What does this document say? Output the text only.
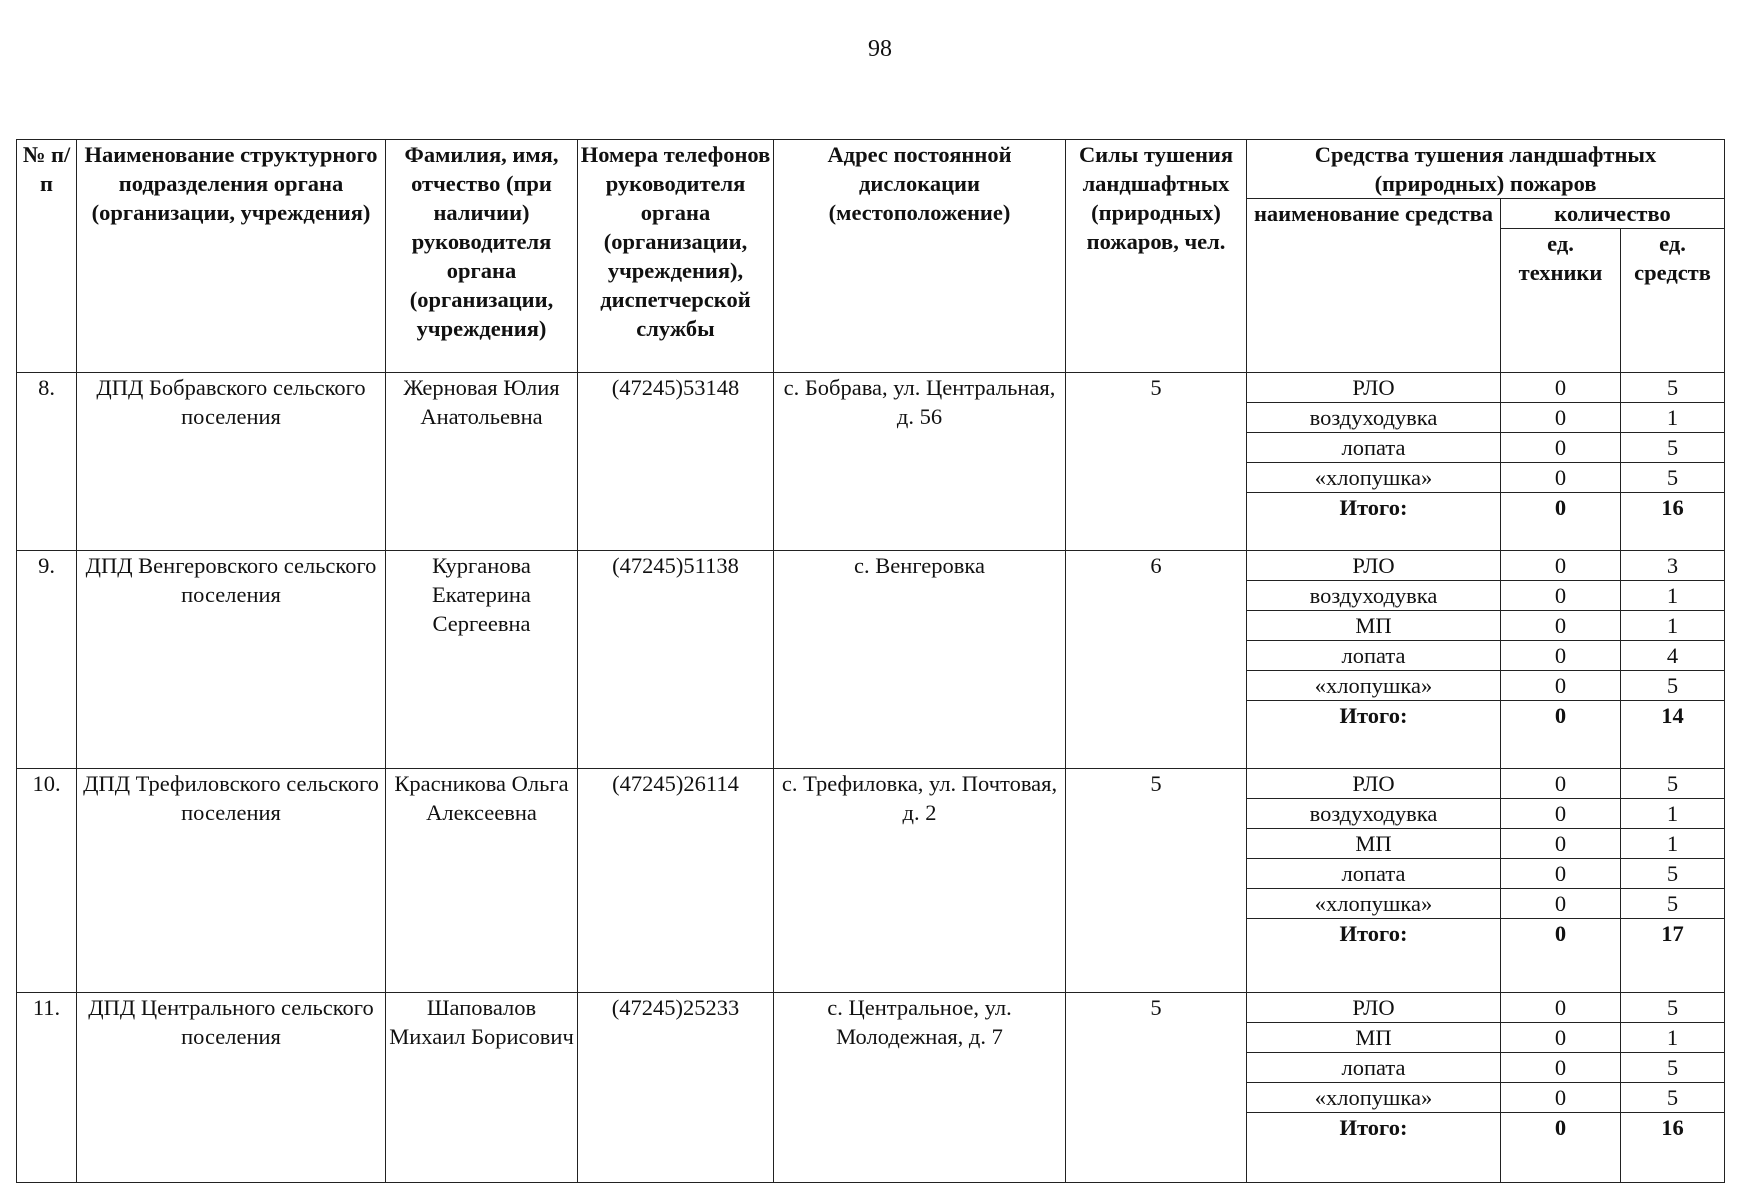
98
№ п/п	Наименование структурного подразделения органа (организации, учреждения)	Фамилия, имя, отчество (при наличии) руководителя органа (организации, учреждения)	Номера телефонов руководителя органа (организации, учреждения), диспетчерской службы	Адрес постоянной дислокации (местоположение)	Силы тушения ландшафтных (природных) пожаров, чел.	Средства тушения ландшафтных (природных) пожаров		
						наименование средства	количество	
							ед. техники	ед. средств
8.	ДПД Бобравского сельского поселения	Жерновая Юлия Анатольевна	(47245)53148	с. Бобрава, ул. Центральная, д. 56	5	РЛО	0	5
						воздуходувка	0	1
						лопата	0	5
						«хлопушка»	0	5
						Итого:	0	16
9.	ДПД Венгеровского сельского поселения	Курганова Екатерина Сергеевна	(47245)51138	с. Венгеровка	6	РЛО	0	3
						воздуходувка	0	1
						МП	0	1
						лопата	0	4
						«хлопушка»	0	5
						Итого:	0	14
10.	ДПД Трефиловского сельского поселения	Красникова Ольга Алексеевна	(47245)26114	с. Трефиловка, ул. Почтовая, д. 2	5	РЛО	0	5
						воздуходувка	0	1
						МП	0	1
						лопата	0	5
						«хлопушка»	0	5
						Итого:	0	17
11.	ДПД Центрального сельского поселения	Шаповалов Михаил Борисович	(47245)25233	с. Центральное, ул. Молодежная, д. 7	5	РЛО	0	5
						МП	0	1
						лопата	0	5
						«хлопушка»	0	5
						Итого:	0	16
